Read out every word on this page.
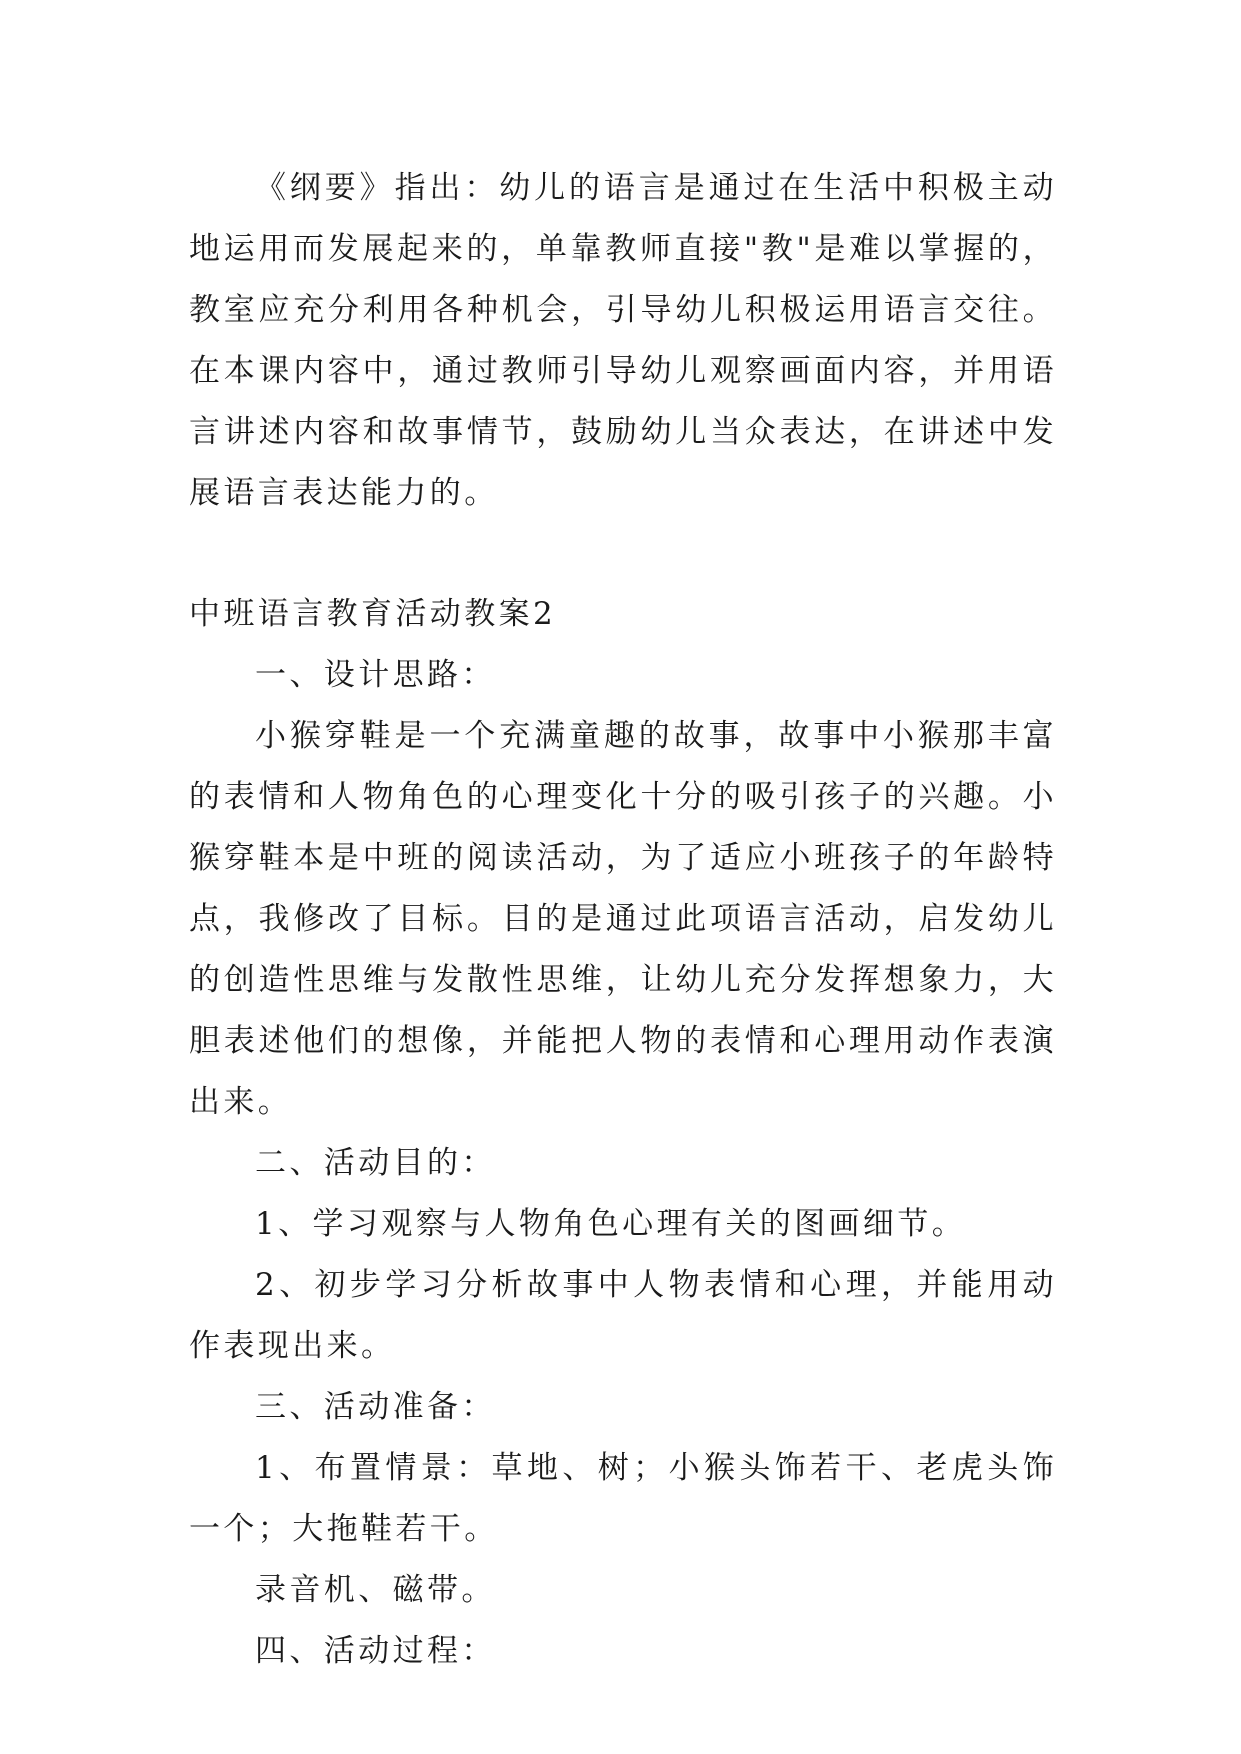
《纲要》指出：幼儿的语言是通过在生活中积极主动地运用而发展起来的，单靠教师直接"教"是难以掌握的，教室应充分利用各种机会，引导幼儿积极运用语言交往。在本课内容中，通过教师引导幼儿观察画面内容，并用语言讲述内容和故事情节，鼓励幼儿当众表达，在讲述中发展语言表达能力的。

中班语言教育活动教案2

一、设计思路：

小猴穿鞋是一个充满童趣的故事，故事中小猴那丰富的表情和人物角色的心理变化十分的吸引孩子的兴趣。小猴穿鞋本是中班的阅读活动，为了适应小班孩子的年龄特点，我修改了目标。目的是通过此项语言活动，启发幼儿的创造性思维与发散性思维，让幼儿充分发挥想象力，大胆表述他们的想像，并能把人物的表情和心理用动作表演出来。

二、活动目的：

1、学习观察与人物角色心理有关的图画细节。

2、初步学习分析故事中人物表情和心理，并能用动作表现出来。

三、活动准备：

1、布置情景：草地、树；小猴头饰若干、老虎头饰一个；大拖鞋若干。

录音机、磁带。

四、活动过程：
